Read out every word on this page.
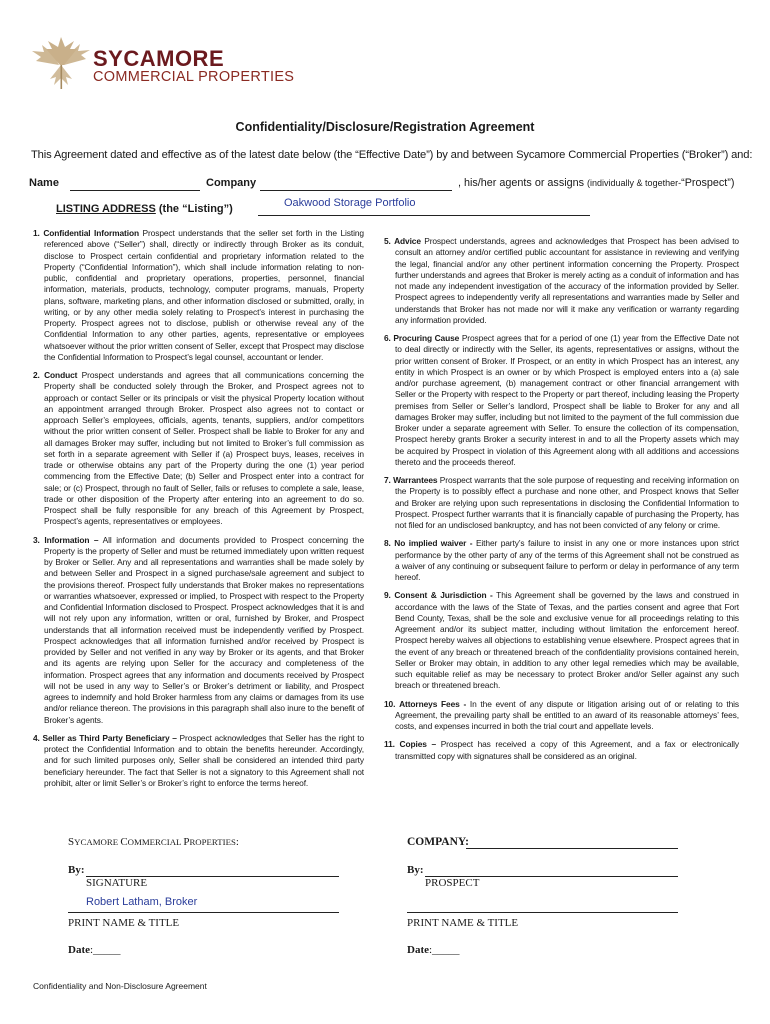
SYCAMORE
COMMERCIAL PROPERTIES
Confidentiality/Disclosure/Registration Agreement
This Agreement dated and effective as of the latest date below (the “Effective Date”) by and between Sycamore Commercial Properties (“Broker”) and:
Name	Company	, his/her agents or assigns (individually & together-“Prospect”)
LISTING ADDRESS (the “Listing”)	Oakwood Storage Portfolio

1. Confidential Information Prospect understands that the seller set forth in the Listing referenced above (“Seller”) shall, directly or indirectly through Broker as its conduit, disclose to Prospect certain confidential and proprietary information related to the Property (“Confidential Information”), which shall include information relating to non-public, confidential and proprietary operations, properties, personnel, financial information, materials, products, technology, computer programs, manuals, Property plans, software, marketing plans, and other information disclosed or submitted, orally, in writing, or by any other media solely relating to Prospect’s interest in purchasing the Property. Prospect agrees not to disclose, publish or otherwise reveal any of the Confidential Information to any other parties, agents, representative or employees whatsoever without the prior written consent of Seller, except that Prospect may disclose the Confidential Information to Prospect’s legal counsel, accountant or lender.

2. Conduct Prospect understands and agrees that all communications concerning the Property shall be conducted solely through the Broker, and Prospect agrees not to approach or contact Seller or its principals or visit the physical Property location without an appointment arranged through Broker. Prospect also agrees not to contact or approach Seller’s employees, officials, agents, tenants, suppliers, and/or competitors without the prior written consent of Seller. Prospect shall be liable to Broker for any and all damages Broker may suffer, including but not limited to Broker’s full commission as set forth in a separate agreement with Seller if (a) Prospect buys, leases, receives in trade or otherwise obtains any part of the Property during the one (1) year period commencing from the Effective Date; (b) Seller and Prospect enter into a contract for sale; or (c) Prospect, through no fault of Seller, fails or refuses to complete a sale, lease, trade or other disposition of the Property after entering into an agreement to do so. Prospect shall be fully responsible for any breach of this Agreement by Prospect, Prospect’s agents, representatives or employees.

3. Information – All information and documents provided to Prospect concerning the Property is the property of Seller and must be returned immediately upon written request by Broker or Seller. Any and all representations and warranties shall be made solely by and between Seller and Prospect in a signed purchase/sale agreement and subject to the provisions thereof. Prospect fully understands that Broker makes no representations or warranties whatsoever, expressed or implied, to Prospect with respect to the Property and Confidential Information disclosed to Prospect. Prospect acknowledges that it is and will not rely upon any information, written or oral, furnished by Broker, and Prospect understands that all information received must be independently verified by Prospect. Prospect acknowledges that all information furnished and/or received by Prospect is provided by Seller and not verified in any way by Broker or its agents, and that Broker and its agents are relying upon Seller for the accuracy and completeness of the information. Prospect agrees that any information and documents received by Prospect will not be used in any way to Seller’s or Broker’s detriment or liability, and Prospect agrees to indemnify and hold Broker harmless from any claims or damages from its use and/or reliance thereon. The provisions in this paragraph shall also inure to the benefit of Broker’s agents.

4. Seller as Third Party Beneficiary – Prospect acknowledges that Seller has the right to protect the Confidential Information and to obtain the benefits hereunder. Accordingly, and for such limited purposes only, Seller shall be considered an intended third party beneficiary hereunder. The fact that Seller is not a signatory to this Agreement shall not prohibit, alter or limit Seller’s or Broker’s right to enforce the terms hereof.

5. Advice Prospect understands, agrees and acknowledges that Prospect has been advised to consult an attorney and/or certified public accountant for assistance in reviewing and verifying the legal, financial and/or any other pertinent information concerning the Property. Prospect further understands and agrees that Broker is merely acting as a conduit of information and has not made any independent investigation of the accuracy of the information provided by Seller. Prospect agrees to independently verify all representations and warranties made by Seller and understands that Broker has not made nor will it make any verification or warranty regarding any information provided.

6. Procuring Cause Prospect agrees that for a period of one (1) year from the Effective Date not to deal directly or indirectly with the Seller, its agents, representatives or assigns, without the prior written consent of Broker. If Prospect, or an entity in which Prospect has an interest, any entity in which Prospect is an owner or by which Prospect is employed enters into a (a) sale and/or purchase agreement, (b) management contract or other financial arrangement with Seller or the Property with respect to the Property or part thereof, including leasing the Property premises from Seller or Seller’s landlord, Prospect shall be liable to Broker for any and all damages Broker may suffer, including but not limited to the payment of the full commission due Broker under a separate agreement with Seller. To ensure the collection of its compensation, Prospect hereby grants Broker a security interest in and to all the Property assets which may be acquired by Prospect in violation of this Agreement along with all additions and accessions thereto and the proceeds thereof.

7. Warrantees Prospect warrants that the sole purpose of requesting and receiving information on the Property is to possibly effect a purchase and none other, and Prospect knows that Seller and Broker are relying upon such representations in disclosing the Confidential Information to Prospect. Prospect further warrants that it is financially capable of purchasing the Property, has not filed for an undisclosed bankruptcy, and has not been convicted of any felony or crime.

8. No implied waiver - Either party’s failure to insist in any one or more instances upon strict performance by the other party of any of the terms of this Agreement shall not be construed as a waiver of any continuing or subsequent failure to perform or delay in performance of any term hereof.

9. Consent & Jurisdiction - This Agreement shall be governed by the laws and construed in accordance with the laws of the State of Texas, and the parties consent and agree that Fort Bend County, Texas, shall be the sole and exclusive venue for all proceedings relating to this Agreement and/or its subject matter, including without limitation the enforcement hereof. Prospect hereby waives all objections to establishing venue elsewhere. Prospect agrees that in the event of any breach or threatened breach of the confidentiality provisions contained herein, Seller or Broker may obtain, in addition to any other legal remedies which may be available, such equitable relief as may be necessary to protect Broker and/or Seller against any such breach or threatened breach.

10. Attorneys Fees - In the event of any dispute or litigation arising out of or relating to this Agreement, the prevailing party shall be entitled to an award of its reasonable attorneys’ fees, costs, and expenses incurred in both the trial court and appellate levels.

11. Copies – Prospect has received a copy of this Agreement, and a fax or electronically transmitted copy with signatures shall be considered as an original.

SYCAMORE COMMERCIAL PROPERTIES:
By:
SIGNATURE
Robert Latham, Broker
PRINT NAME & TITLE
Date:_____
COMPANY:
By:
PROSPECT
PRINT NAME & TITLE
Date:_____
Confidentiality and Non-Disclosure Agreement
